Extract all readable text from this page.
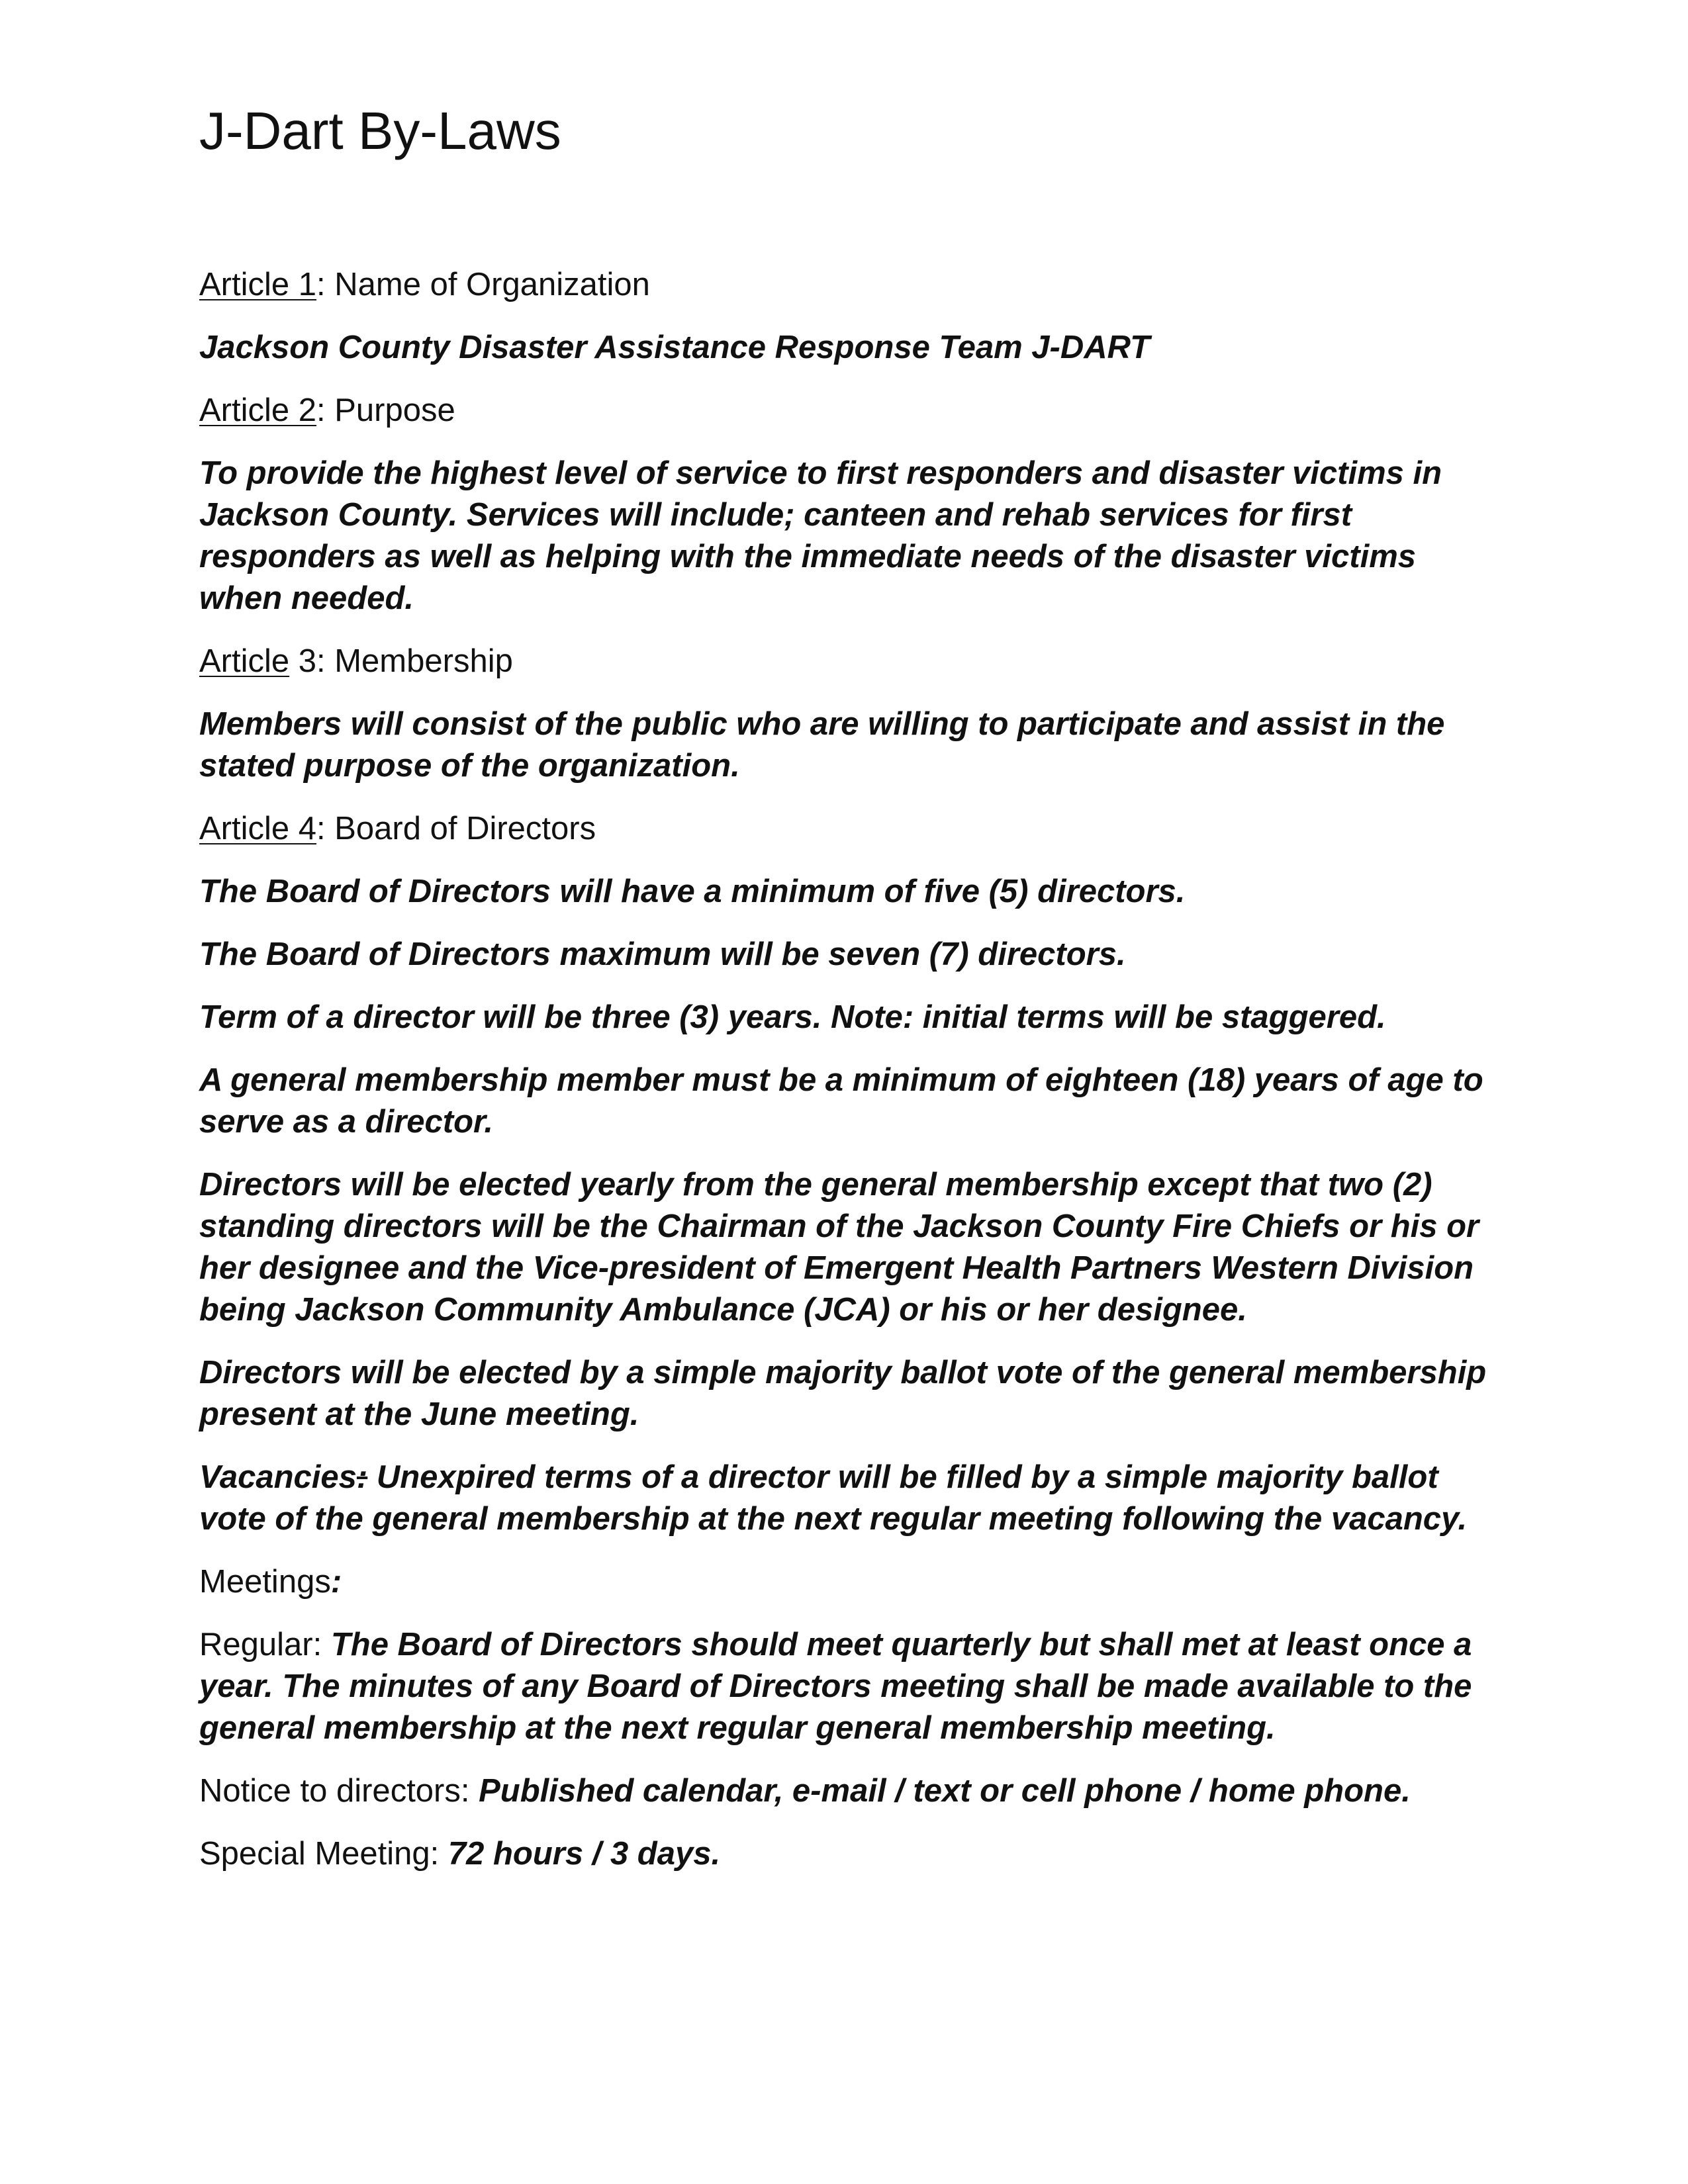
J-Dart By-Laws

Article 1: Name of Organization

Jackson County Disaster Assistance Response Team J-DART

Article 2: Purpose

To provide the highest level of service to first responders and disaster victims in Jackson County. Services will include; canteen and rehab services for first responders as well as helping with the immediate needs of the disaster victims when needed.

Article 3: Membership

Members will consist of the public who are willing to participate and assist in the stated purpose of the organization.

Article 4: Board of Directors

The Board of Directors will have a minimum of five (5) directors.

The Board of Directors maximum will be seven (7) directors.

Term of a director will be three (3) years. Note: initial terms will be staggered.

A general membership member must be a minimum of eighteen (18) years of age to serve as a director.

Directors will be elected yearly from the general membership except that two (2) standing directors will be the Chairman of the Jackson County Fire Chiefs or his or her designee and the Vice-president of Emergent Health Partners Western Division being Jackson Community Ambulance (JCA) or his or her designee.

Directors will be elected by a simple majority ballot vote of the general membership present at the June meeting.

Vacancies: Unexpired terms of a director will be filled by a simple majority ballot vote of the general membership at the next regular meeting following the vacancy.

Meetings:

Regular: The Board of Directors should meet quarterly but shall met at least once a year. The minutes of any Board of Directors meeting shall be made available to the general membership at the next regular general membership meeting.

Notice to directors: Published calendar, e-mail / text or cell phone / home phone.

Special Meeting: 72 hours / 3 days.
